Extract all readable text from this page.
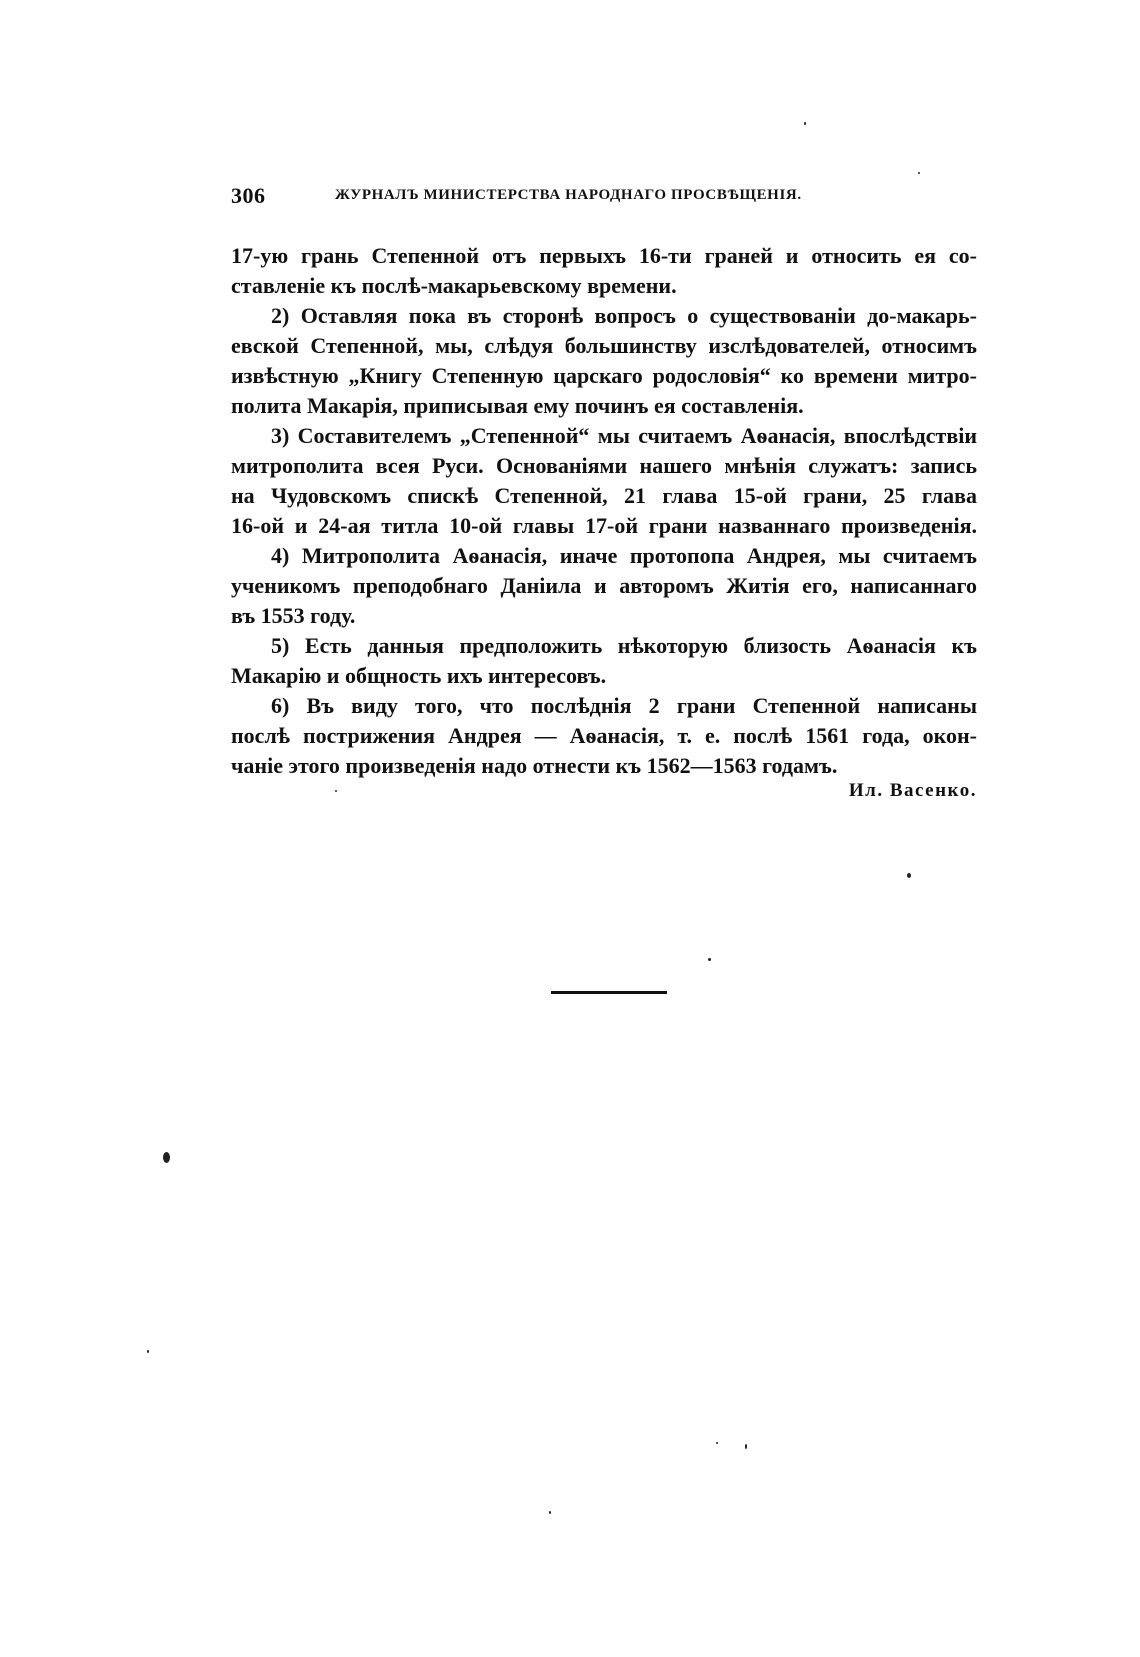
306	ЖУРНАЛЪ МИНИСТЕРСТВА НАРОДНАГО ПРОСВѢЩЕНІЯ.
17-ую грань Степенной отъ первыхъ 16-ти граней и относить ея со-
ставленіе къ послѣ-макарьевскому времени.
2) Оставляя пока въ сторонѣ вопросъ о существованіи до-макарь-
евской Степенной, мы, слѣдуя большинству изслѣдователей, относимъ
извѣстную „Книгу Степенную царскаго родословія“ ко времени митро-
полита Макарія, приписывая ему починъ ея составленія.
3) Составителемъ „Степенной“ мы считаемъ Аѳанасія, впослѣдствіи
митрополита всея Руси. Основаніями нашего мнѣнія служатъ: запись
на Чудовскомъ спискѣ Степенной, 21 глава 15-ой грани, 25 глава
16-ой и 24-ая титла 10-ой главы 17-ой грани названнаго произведенія.
4) Митрополита Аѳанасія, иначе протопопа Андрея, мы считаемъ
ученикомъ преподобнаго Даніила и авторомъ Житія его, написаннаго
въ 1553 году.
5) Есть данныя предположить нѣкоторую близость Аѳанасія къ
Макарію и общность ихъ интересовъ.
6) Въ виду того, что послѣднія 2 грани Степенной написаны
послѣ пострижения Андрея — Аѳанасія, т. е. послѣ 1561 года, окон-
чаніе этого произведенія надо отнести къ 1562—1563 годамъ.
Ил. Васенко.
